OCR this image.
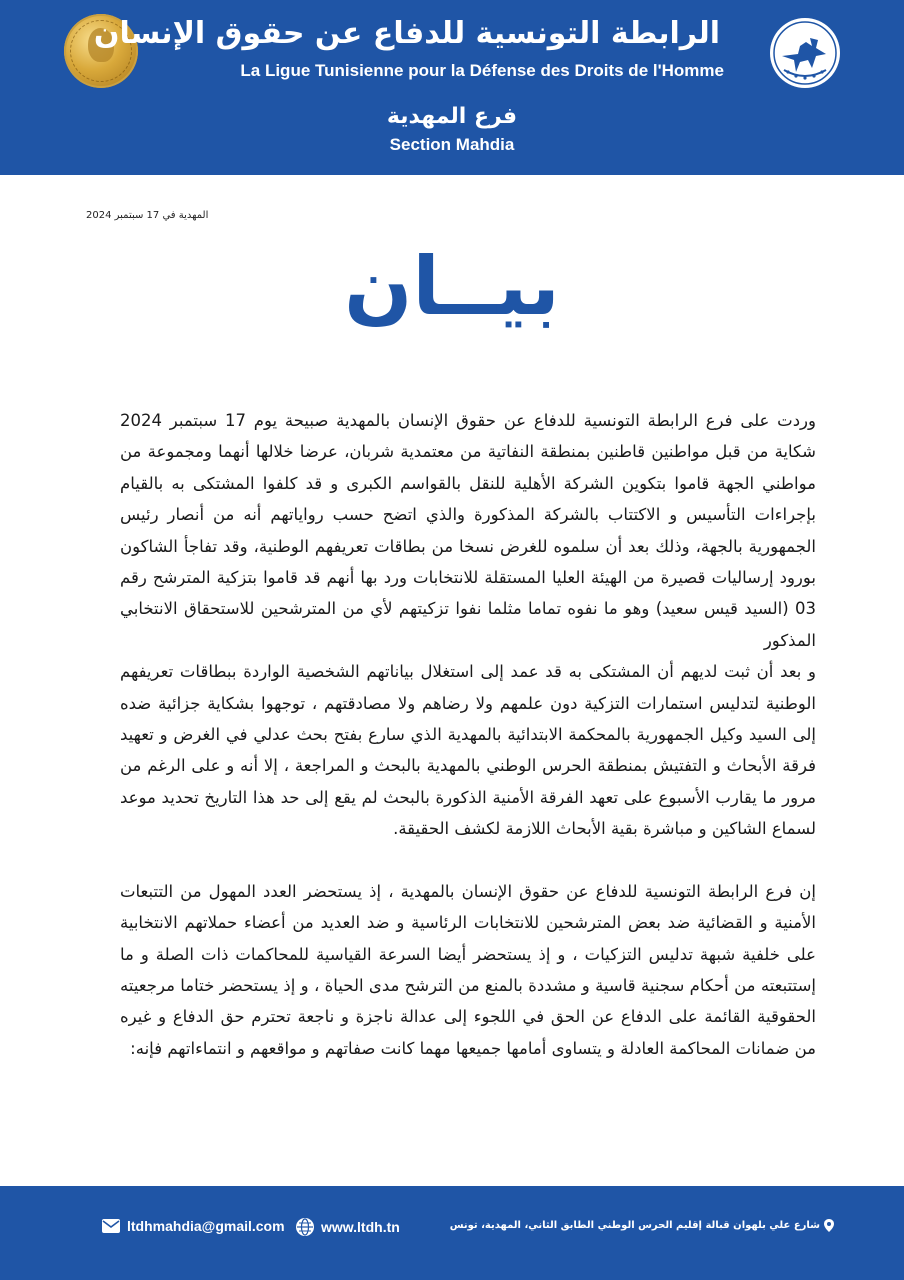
الرابطة التونسية للدفاع عن حقوق الإنسان
La Ligue Tunisienne pour la Défense des Droits de l'Homme
فرع المهدية
Section Mahdia
المهدية في 17 سبتمبر 2024
بيــان

وردت على فرع الرابطة التونسية للدفاع عن حقوق الإنسان بالمهدية صبيحة يوم 17 سبتمبر 2024 شكاية من قبل مواطنين قاطنين بمنطقة النفاتية من معتمدية شربان، عرضا خلالها أنهما ومجموعة من مواطني الجهة قاموا بتكوين الشركة الأهلية للنقل بالقواسم الكبرى و قد كلفوا المشتكى به بالقيام بإجراءات التأسيس و الاكتتاب بالشركة المذكورة والذي اتضح حسب رواياتهم أنه من أنصار رئيس الجمهورية بالجهة، وذلك بعد أن سلموه للغرض نسخا من بطاقات تعريفهم الوطنية، وقد تفاجأ الشاكون بورود إرساليات قصيرة من الهيئة العليا المستقلة للانتخابات ورد بها أنهم قد قاموا بتزكية المترشح رقم 03 (السيد قيس سعيد) وهو ما نفوه تماما مثلما نفوا تزكيتهم لأي من المترشحين للاستحقاق الانتخابي المذكور

و بعد أن ثبت لديهم أن المشتكى به قد عمد إلى استغلال بياناتهم الشخصية الواردة ببطاقات تعريفهم الوطنية لتدليس استمارات التزكية دون علمهم ولا رضاهم ولا مصادقتهم ، توجهوا بشكاية جزائية ضده إلى السيد وكيل الجمهورية بالمحكمة الابتدائية بالمهدية الذي سارع بفتح بحث عدلي في الغرض و تعهيد فرقة الأبحاث و التفتيش بمنطقة الحرس الوطني بالمهدية بالبحث و المراجعة ، إلا أنه و على الرغم من مرور ما يقارب الأسبوع على تعهد الفرقة الأمنية الذكورة بالبحث لم يقع إلى حد هذا التاريخ تحديد موعد لسماع الشاكين و مباشرة بقية الأبحاث اللازمة لكشف الحقيقة.

إن فرع الرابطة التونسية للدفاع عن حقوق الإنسان بالمهدية ، إذ يستحضر العدد المهول من التتبعات الأمنية و القضائية ضد بعض المترشحين للانتخابات الرئاسية و ضد العديد من أعضاء حملاتهم الانتخابية على خلفية شبهة تدليس التزكيات ، و إذ يستحضر أيضا السرعة القياسية للمحاكمات ذات الصلة و ما إستتبعته من أحكام سجنية قاسية و مشددة بالمنع من الترشح مدى الحياة ، و إذ يستحضر ختاما مرجعيته الحقوقية القائمة على الدفاع عن الحق في اللجوء إلى عدالة ناجزة و ناجعة تحترم حق الدفاع و غيره من ضمانات المحاكمة العادلة و يتساوى أمامها جميعها مهما كانت صفاتهم و مواقعهم و انتماءاتهم فإنه:

ltdhmahdia@gmail.com	www.ltdh.tn	شارع علي بلهوان قبالة إقليم الحرس الوطني الطابق الثاني، المهدية، تونس
